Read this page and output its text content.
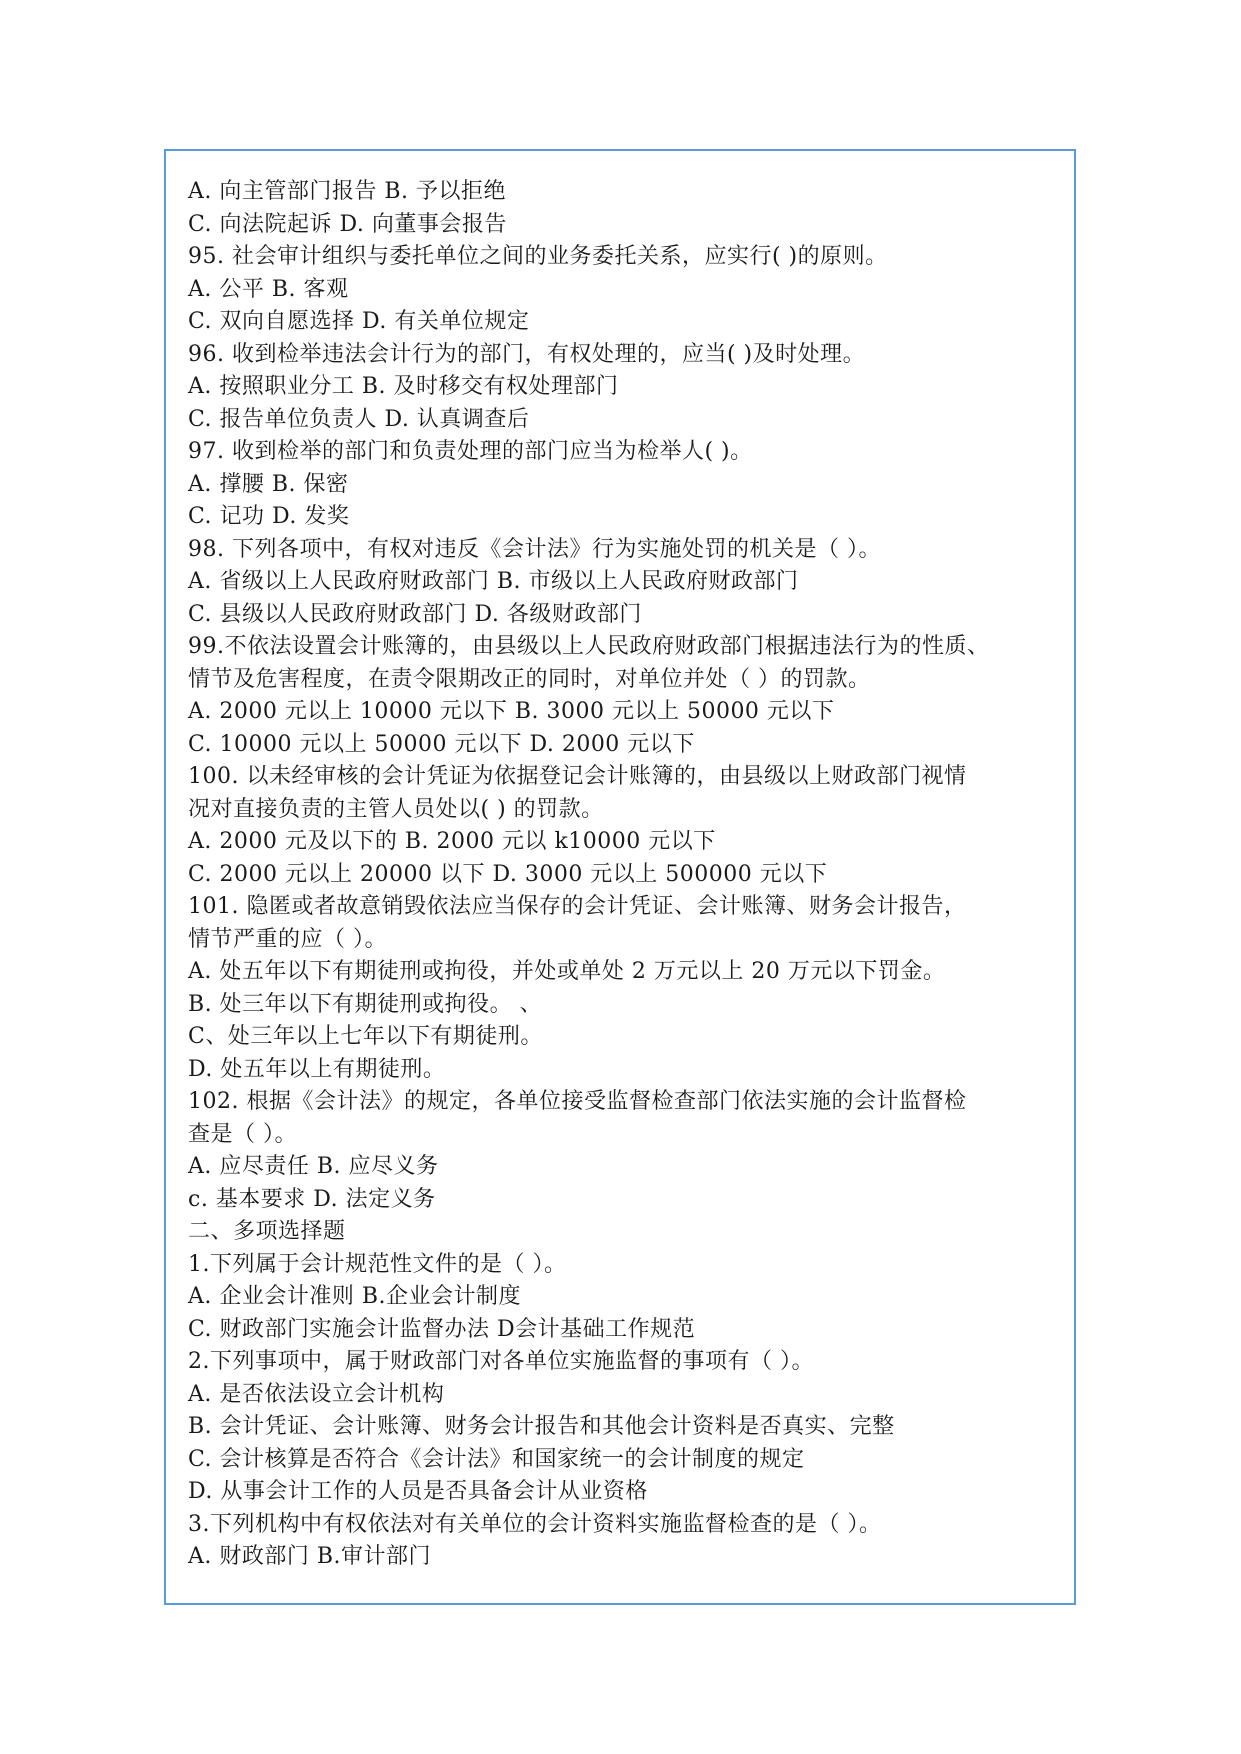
A. 向主管部门报告 B. 予以拒绝
C. 向法院起诉 D. 向董事会报告
95. 社会审计组织与委托单位之间的业务委托关系，应实行( )的原则。
A. 公平 B. 客观
C. 双向自愿选择 D. 有关单位规定
96. 收到检举违法会计行为的部门，有权处理的，应当( )及时处理。
A. 按照职业分工 B. 及时移交有权处理部门
C. 报告单位负责人 D. 认真调查后
97. 收到检举的部门和负责处理的部门应当为检举人( )。
A. 撑腰 B. 保密
C. 记功 D. 发奖
98. 下列各项中，有权对违反《会计法》行为实施处罚的机关是（ ）。
A. 省级以上人民政府财政部门 B. 市级以上人民政府财政部门
C. 县级以人民政府财政部门 D. 各级财政部门
99.不依法设置会计账簿的，由县级以上人民政府财政部门根据违法行为的性质、
情节及危害程度，在责令限期改正的同时，对单位并处（ ）的罚款。
A. 2000 元以上 10000 元以下 B. 3000 元以上 50000 元以下
C. 10000 元以上 50000 元以下 D. 2000 元以下
100. 以未经审核的会计凭证为依据登记会计账簿的，由县级以上财政部门视情
况对直接负责的主管人员处以( ) 的罚款。
A. 2000 元及以下的 B. 2000 元以 k10000 元以下
C. 2000 元以上 20000 以下 D. 3000 元以上 500000 元以下
101. 隐匿或者故意销毁依法应当保存的会计凭证、会计账簿、财务会计报告，
情节严重的应（ ）。
A. 处五年以下有期徒刑或拘役，并处或单处 2 万元以上 20 万元以下罚金。
B. 处三年以下有期徒刑或拘役。 、
C、处三年以上七年以下有期徒刑。
D. 处五年以上有期徒刑。
102. 根据《会计法》的规定，各单位接受监督检查部门依法实施的会计监督检
查是（ ）。
A. 应尽责任 B. 应尽义务
c. 基本要求 D. 法定义务
二、多项选择题
1.下列属于会计规范性文件的是（ ）。
A. 企业会计准则 B.企业会计制度
C. 财政部门实施会计监督办法 D会计基础工作规范
2.下列事项中，属于财政部门对各单位实施监督的事项有（ ）。
A. 是否依法设立会计机构
B. 会计凭证、会计账簿、财务会计报告和其他会计资料是否真实、完整
C. 会计核算是否符合《会计法》和国家统一的会计制度的规定
D. 从事会计工作的人员是否具备会计从业资格
3.下列机构中有权依法对有关单位的会计资料实施监督检查的是（ ）。
A. 财政部门 B.审计部门
